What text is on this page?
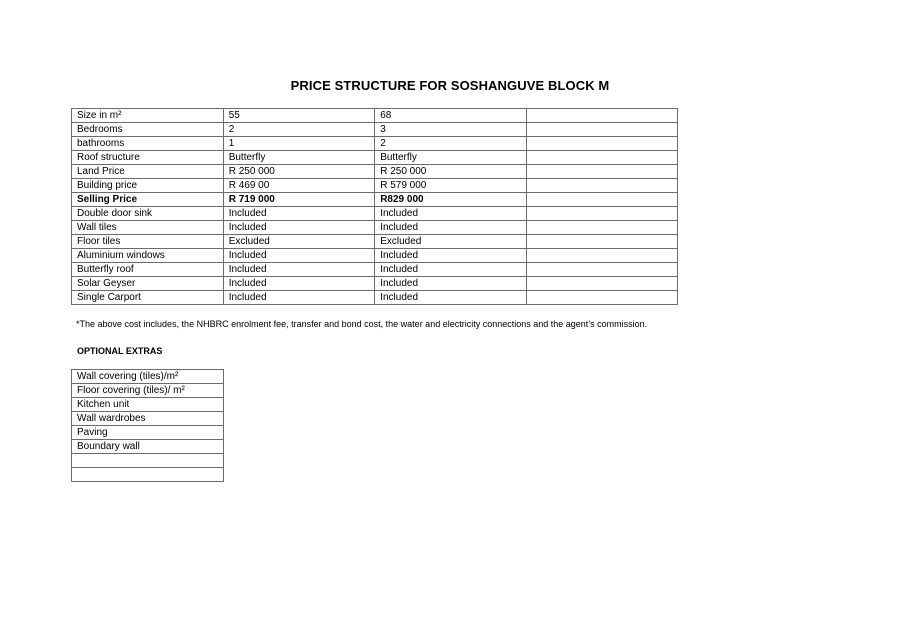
PRICE STRUCTURE FOR SOSHANGUVE BLOCK M
Size in m²	55	68	
Bedrooms	2	3	
bathrooms	1	2	
Roof structure	Butterfly	Butterfly	
Land Price	R 250 000	R 250 000	
Building price	R 469 00	R 579 000	
Selling Price	R 719 000	R829 000	
Double door sink	Included	Included	
Wall tiles	Included	Included	
Floor tiles	Excluded	Excluded	
Aluminium windows	Included	Included	
Butterfly roof	Included	Included	
Solar Geyser	Included	Included	
Single Carport	Included	Included	
*The above cost includes, the NHBRC enrolment fee, transfer and bond cost, the water and electricity connections and the agent’s commission.
OPTIONAL EXTRAS
Wall covering (tiles)/m²
Floor covering (tiles)/ m²
Kitchen unit
Wall wardrobes
Paving
Boundary wall
